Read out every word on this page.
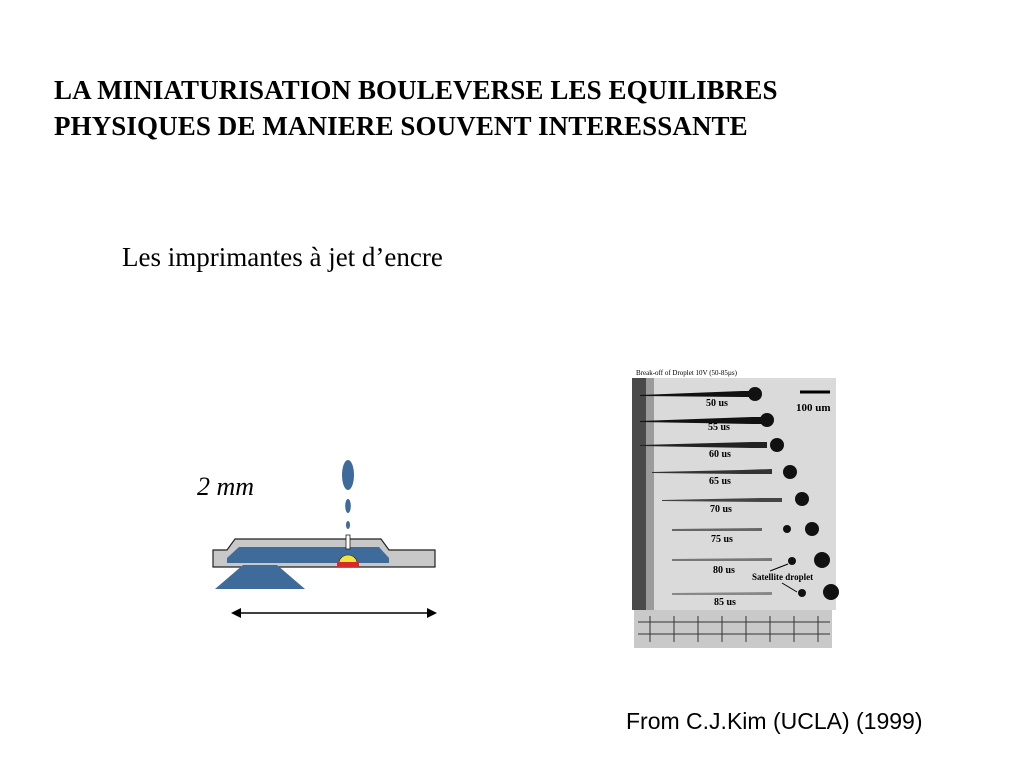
LA MINIATURISATION BOULEVERSE LES EQUILIBRES
PHYSIQUES DE MANIERE SOUVENT INTERESSANTE

Les imprimantes à jet d’encre

2 mm
Break-off of Droplet 10V (50-85µs)
100 um
50 us
55 us
60 us
65 us
70 us
75 us
80 us
85 us
Satellite droplet
From C.J.Kim (UCLA) (1999)
